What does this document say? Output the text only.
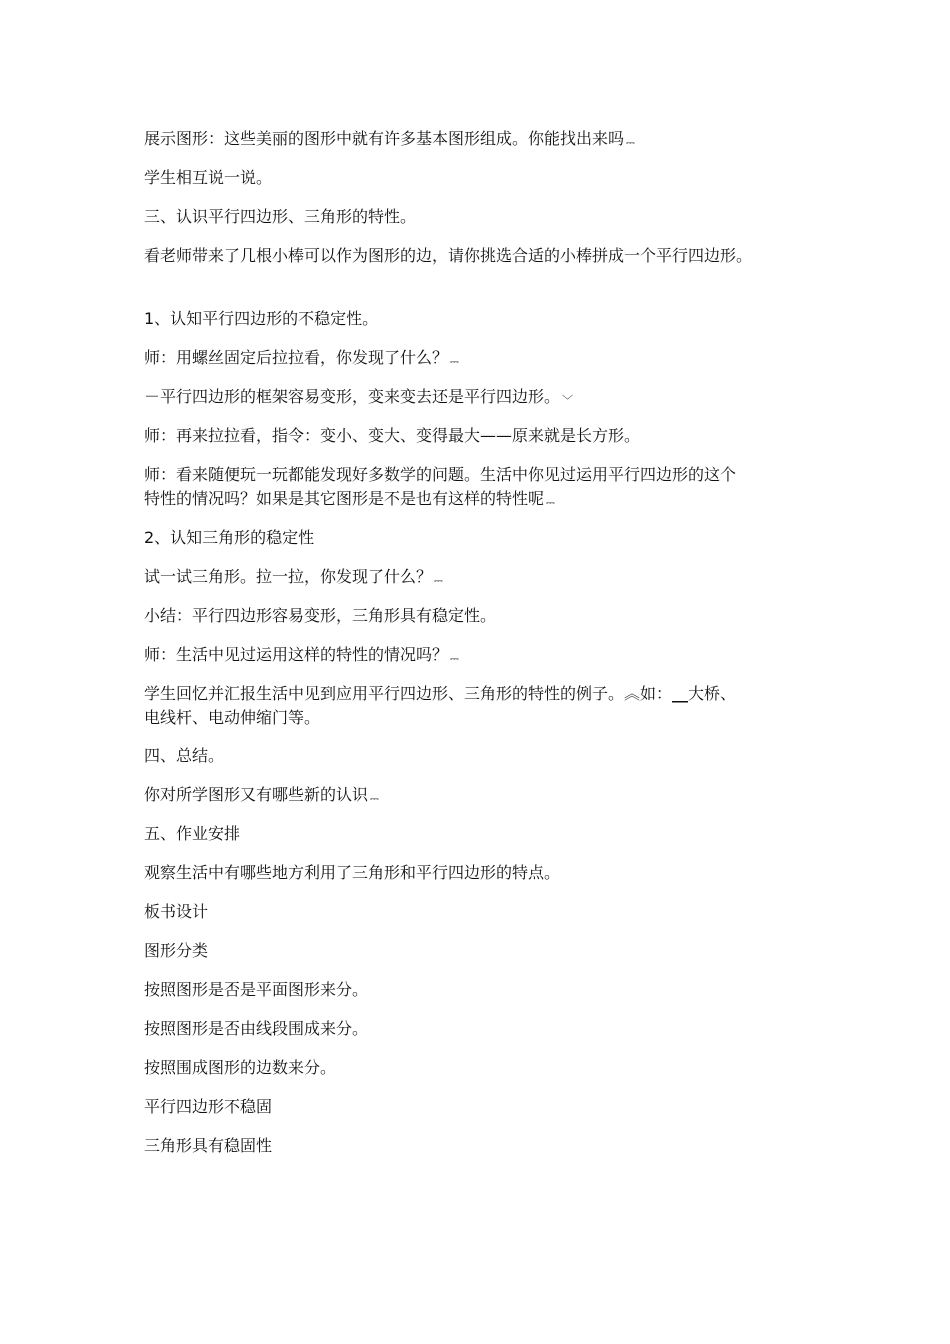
展示图形：这些美丽的图形中就有许多基本图形组成。你能找出来吗 ⎓
学生相互说一说。
三、认识平行四边形、三角形的特性。
看老师带来了几根小棒可以作为图形的边，请你挑选合适的小棒拼成一个平行四边形。
1、认知平行四边形的不稳定性。
师：用螺丝固定后拉拉看，你发现了什么？ ⎓
－平行四边形的框架容易变形，变来变去还是平行四边形。 ﹀
师：再来拉拉看，指令：变小、变大、变得最大——原来就是长方形。
师：看来随便玩一玩都能发现好多数学的问题。生活中你见过运用平行四边形的这个
特性的情况吗？如果是其它图形是不是也有这样的特性呢 ⎓
2、认知三角形的稳定性
试一试三角形。拉一拉，你发现了什么？ ⎓
小结：平行四边形容易变形，三角形具有稳定性。
师：生活中见过运用这样的特性的情况吗？ ⎓
学生回忆并汇报生活中见到应用平行四边形、三角形的特性的例子。︽如：⎽大桥、
电线杆、电动伸缩门等。
四、总结。
你对所学图形又有哪些新的认识 ⎓
五、作业安排
观察生活中有哪些地方利用了三角形和平行四边形的特点。
板书设计
图形分类
按照图形是否是平面图形来分。
按照图形是否由线段围成来分。
按照围成图形的边数来分。
平行四边形不稳固
三角形具有稳固性
